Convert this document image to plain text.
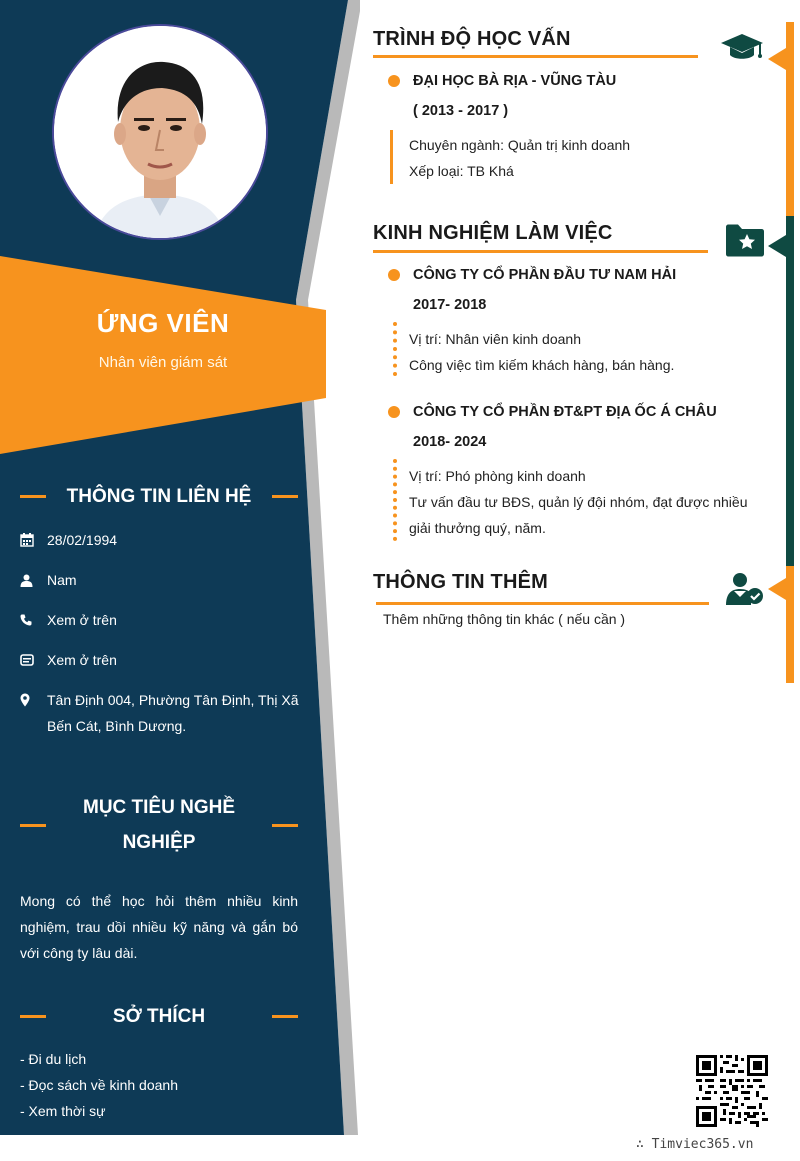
ỨNG VIÊN
Nhân viên giám sát
THÔNG TIN LIÊN HỆ
28/02/1994
Nam
Xem ở trên
Xem ở trên
Tân Định 004, Phường Tân Định, Thị Xã Bến Cát, Bình Dương.
MỤC TIÊU NGHỀ
NGHIỆP
Mong có thể học hỏi thêm nhiều kinh nghiệm, trau dồi nhiều kỹ năng và gắn bó với công ty lâu dài.
SỞ THÍCH
- Đi du lịch
- Đọc sách về kinh doanh
- Xem thời sự
TRÌNH ĐỘ HỌC VẤN
ĐẠI HỌC BÀ RỊA - VŨNG TÀU
( 2013 - 2017 )
Chuyên ngành: Quản trị kinh doanh
Xếp loại: TB Khá
KINH NGHIỆM LÀM VIỆC
CÔNG TY CỔ PHẦN ĐẦU TƯ NAM HẢI
2017- 2018
Vị trí: Nhân viên kinh doanh
Công việc tìm kiếm khách hàng, bán hàng.
CÔNG TY CỔ PHẦN ĐT&PT ĐỊA ỐC Á CHÂU
2018- 2024
Vị trí: Phó phòng kinh doanh
Tư vấn đầu tư BĐS, quản lý đội nhóm, đạt được nhiều
giải thưởng quý, năm.
THÔNG TIN THÊM
Thêm những thông tin khác ( nếu cần )
∴ Timviec365.vn
